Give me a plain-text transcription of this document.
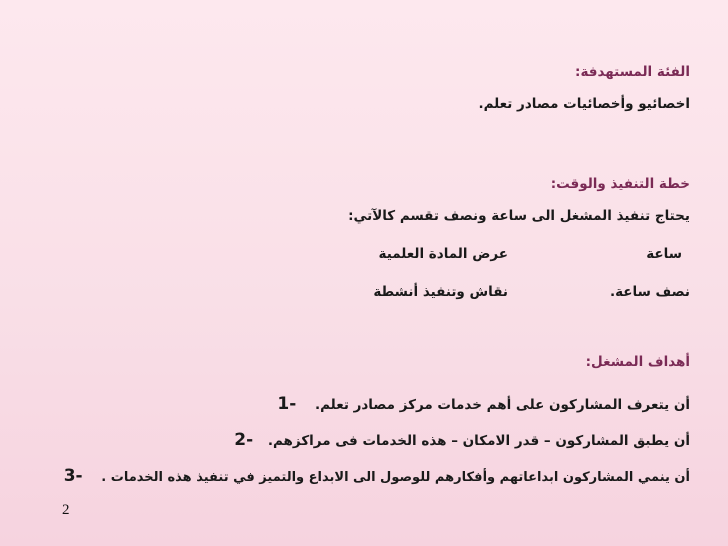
الفئة المستهدفة:
اخصائيو وأخصائيات مصادر تعلم.
خطة التنفيذ والوقت:
يحتاج تنفيذ المشغل الى ساعة ونصف تقسم كالآتي:
ساعة
عرض المادة العلمية
نصف ساعة.
نقاش وتنفيذ أنشطة
أهداف المشغل:
أن يتعرف المشاركون على أهم خدمات مركز مصادر تعلم. 1-
أن يطبق المشاركون – قدر الامكان – هذه الخدمات فى مراكزهم. 2-
أن ينمي المشاركون ابداعاتهم وأفكارهم للوصول الى الابداع والتميز في تنفيذ هذه الخدمات . 3-
2
